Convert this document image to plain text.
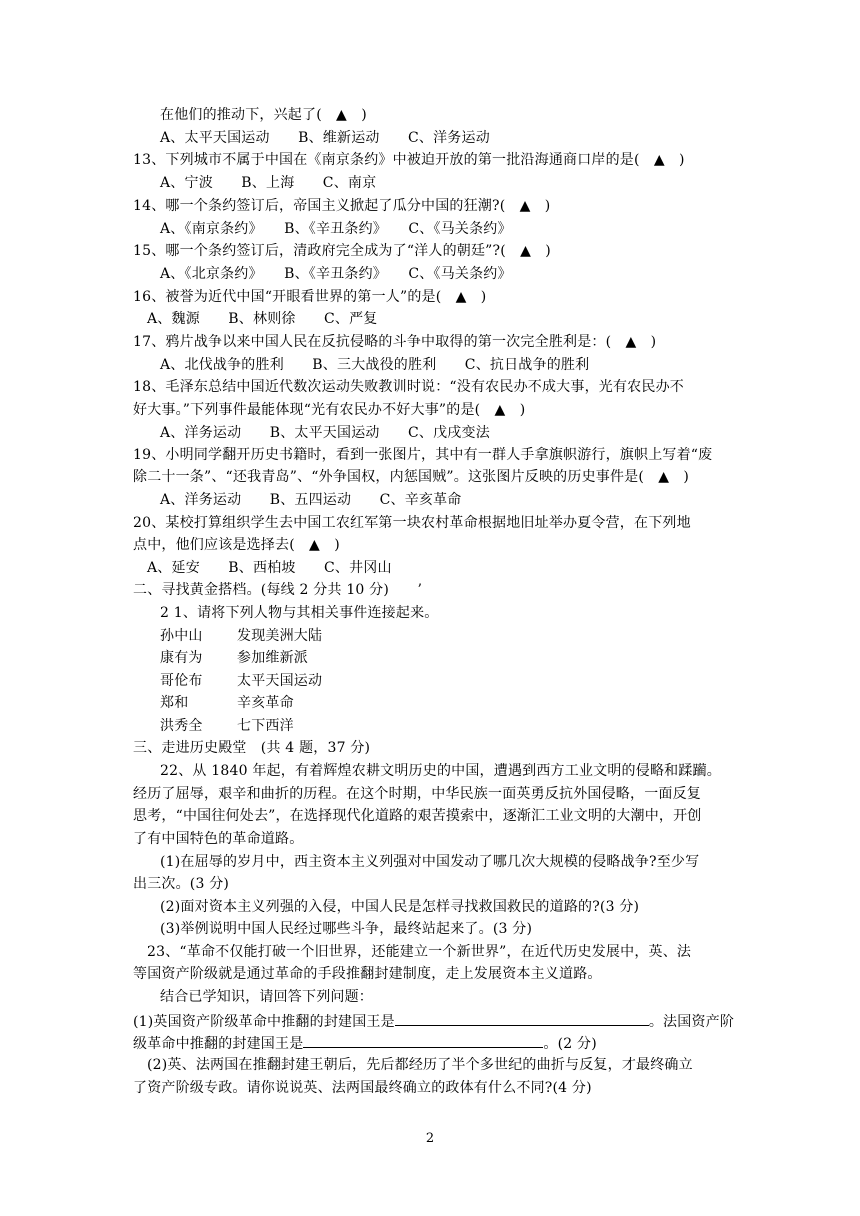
在他们的推动下，兴起了(　▲　)
A、太平天国运动　　B、维新运动　　C、洋务运动
13、下列城市不属于中国在《南京条约》中被迫开放的第一批沿海通商口岸的是(　▲　)
A、宁波　　B、上海　　C、南京
14、哪一个条约签订后，帝国主义掀起了瓜分中国的狂潮?(　▲　)
A、《南京条约》　　B、《辛丑条约》　　C、《马关条约》
15、哪一个条约签订后，清政府完全成为了“洋人的朝廷”?(　▲　)
A、《北京条约》　　B、《辛丑条约》　　C、《马关条约》
16、被誉为近代中国“开眼看世界的第一人”的是(　▲　)
A、魏源　　B、林则徐　　C、严复
17、鸦片战争以来中国人民在反抗侵略的斗争中取得的第一次完全胜利是：(　▲　)
A、北伐战争的胜利　　B、三大战役的胜利　　C、抗日战争的胜利
18、毛泽东总结中国近代数次运动失败教训时说：“没有农民办不成大事，光有农民办不
好大事。”下列事件最能体现“光有农民办不好大事”的是(　▲　)
A、洋务运动　　B、太平天国运动　　C、戊戌变法
19、小明同学翻开历史书籍时，看到一张图片，其中有一群人手拿旗帜游行，旗帜上写着“废
除二十一条”、“还我青岛”、“外争国权，内惩国贼”。这张图片反映的历史事件是(　▲　)
A、洋务运动　　B、五四运动　　C、辛亥革命
20、某校打算组织学生去中国工农红军第一块农村革命根据地旧址举办夏令营，在下列地
点中，他们应该是选择去(　▲　)
A、延安　　B、西柏坡　　C、井冈山
二、寻找黄金搭档。(每线 2 分共 10 分)　　’
2 1、请将下列人物与其相关事件连接起来。
孙中山 发现美洲大陆
康有为 参加维新派
哥伦布 太平天国运动
郑和	辛亥革命
洪秀全 七下西洋
三、走进历史殿堂　(共 4 题，37 分)
22、从 1840 年起，有着辉煌农耕文明历史的中国，遭遇到西方工业文明的侵略和蹂躏。
经历了屈辱，艰辛和曲折的历程。在这个时期，中华民族一面英勇反抗外国侵略，一面反复
思考，“中国往何处去”，在选择现代化道路的艰苦摸索中，逐渐汇工业文明的大潮中，开创
了有中国特色的革命道路。
(1)在屈辱的岁月中，西主资本主义列强对中国发动了哪几次大规模的侵略战争?至少写
出三次。(3 分)
(2)面对资本主义列强的入侵，中国人民是怎样寻找救国救民的道路的?(3 分)
(3)举例说明中国人民经过哪些斗争，最终站起来了。(3 分)
23、“革命不仅能打破一个旧世界，还能建立一个新世界”，在近代历史发展中，英、法
等国资产阶级就是通过革命的手段推翻封建制度，走上发展资本主义道路。
结合已学知识，请回答下列问题：
(1)英国资产阶级革命中推翻的封建国王是	。法国资产阶
级革命中推翻的封建国王是	。(2 分)
(2)英、法两国在推翻封建王朝后，先后都经历了半个多世纪的曲折与反复，才最终确立
了资产阶级专政。请你说说英、法两国最终确立的政体有什么不同?(4 分)
2
